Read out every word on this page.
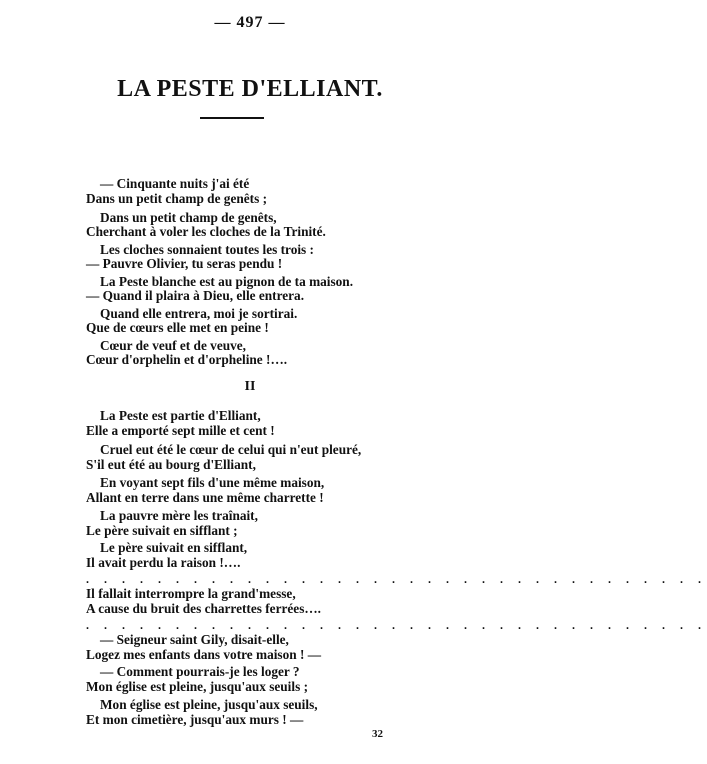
— 497 —
LA PESTE D'ELLIANT.
— Cinquante nuits j'ai été
Dans un petit champ de genêts ;
Dans un petit champ de genêts,
Cherchant à voler les cloches de la Trinité.
Les cloches sonnaient toutes les trois :
— Pauvre Olivier, tu seras pendu !
La Peste blanche est au pignon de ta maison.
— Quand il plaira à Dieu, elle entrera.
Quand elle entrera, moi je sortirai.
Que de cœurs elle met en peine !
Cœur de veuf et de veuve,
Cœur d'orphelin et d'orpheline !….
II
La Peste est partie d'Elliant,
Elle a emporté sept mille et cent !
Cruel eut été le cœur de celui qui n'eut pleuré,
S'il eut été au bourg d'Elliant,
En voyant sept fils d'une même maison,
Allant en terre dans une même charrette !
La pauvre mère les traînait,
Le père suivait en sifflant ;
Le père suivait en sifflant,
Il avait perdu la raison !….
. . . . . . . . . . . . . . . . . . . . . . . . . . . . . . . . . . .
Il fallait interrompre la grand'messe,
A cause du bruit des charrettes ferrées….
. . . . . . . . . . . . . . . . . . . . . . . . . . . . . . . . . . .
— Seigneur saint Gily, disait-elle,
Logez mes enfants dans votre maison ! —
— Comment pourrais-je les loger ?
Mon église est pleine, jusqu'aux seuils ;
Mon église est pleine, jusqu'aux seuils,
Et mon cimetière, jusqu'aux murs ! —
32
